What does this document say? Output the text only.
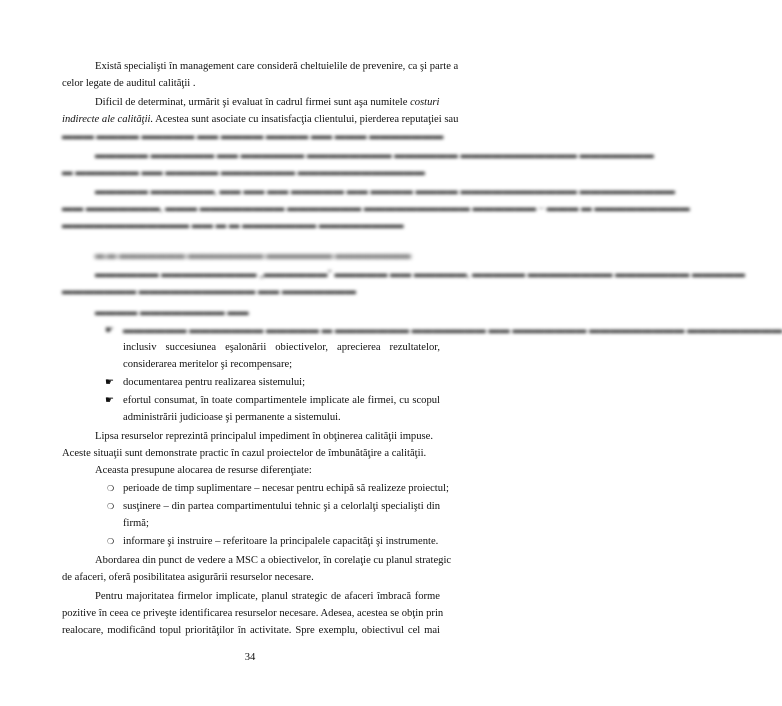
Există specialişti în management care consideră cheltuielile de prevenire, ca şi parte a
celor legate de auditul calităţii .
Dificil de determinat, urmărit şi evaluat în cadrul firmei sunt aşa numitele costuri
indirecte ale calităţii. Acestea sunt asociate cu insatisfacţia clientului, pierderea reputaţiei sau
▬▬▬ ▬▬▬▬ ▬▬▬▬▬ ▬▬ ▬▬▬▬ ▬▬▬▬ ▬▬ ▬▬▬ ▬▬▬▬▬▬▬
▬▬▬▬▬ ▬▬▬▬▬▬ ▬▬ ▬▬▬▬▬▬ ▬▬▬▬▬▬▬▬ ▬▬▬▬▬▬ ▬▬▬▬▬▬▬▬▬▬▬ ▬▬▬▬▬▬▬
▬ ▬▬▬▬▬▬ ▬▬ ▬▬▬▬▬ ▬▬▬▬▬▬▬ ▬▬▬▬▬▬▬▬▬▬▬▬
▬▬▬▬▬ ▬▬▬▬▬▬, ▬▬ ▬▬ ▬▬ ▬▬▬▬▬ ▬▬ ▬▬▬▬ ▬▬▬▬ ▬▬▬▬▬▬▬▬▬▬▬ ▬▬▬▬▬▬▬▬▬
▬▬ ▬▬▬▬▬▬▬, ▬▬▬ ▬▬▬▬▬▬▬▬ ▬▬▬▬▬▬▬ ▬▬▬▬▬▬▬▬▬▬ ▬▬▬▬▬▬ – ▬▬▬ ▬ ▬▬▬▬▬▬▬▬▬
▬▬▬▬▬▬▬▬▬▬▬▬ ▬▬ ▬ ▬ ▬▬▬▬▬▬▬ ▬▬▬▬▬▬▬▬
▬.▬ ▬▬▬▬▬▬▬ ▬▬▬▬▬▬▬▬ ▬▬▬▬▬▬▬ ▬▬▬▬▬▬▬▬
▬▬▬▬▬▬ ▬▬▬▬▬▬▬▬▬ „▬▬▬▬▬▬" ▬▬▬▬▬ ▬▬ ▬▬▬▬▬, ▬▬▬▬▬ ▬▬▬▬▬▬▬▬ ▬▬▬▬▬▬▬ ▬▬▬▬▬
▬▬▬▬▬▬▬ ▬▬▬▬▬▬▬▬▬▬▬ ▬▬ ▬▬▬▬▬▬▬
▬▬▬▬ ▬▬▬▬▬▬▬▬ ▬▬
☛ ▬▬▬▬▬▬ ▬▬▬▬▬▬▬ ▬▬▬▬▬ ▬ ▬▬▬▬▬▬▬ ▬▬▬▬▬▬▬ ▬▬ ▬▬▬▬▬▬▬ ▬▬▬▬▬▬▬▬▬ ▬▬▬▬▬▬▬▬▬
inclusiv succesiunea eşalonării obiectivelor, aprecierea rezultatelor,
considerarea meritelor şi recompensare;
☛ documentarea pentru realizarea sistemului;
☛ efortul consumat, în toate compartimentele implicate ale firmei, cu scopul
administrării judicioase şi permanente a sistemului.
Lipsa resurselor reprezintă principalul impediment în obţinerea calităţii impuse.
Aceste situaţii sunt demonstrate practic în cazul proiectelor de îmbunătăţire a calităţii.
Aceasta presupune alocarea de resurse diferenţiate:
❍ perioade de timp suplimentare – necesar pentru echipă să realizeze proiectul;
❍ susţinere – din partea compartimentului tehnic şi a celorlalţi specialişti din
firmă;
❍ informare şi instruire – referitoare la principalele capacităţi şi instrumente.
Abordarea din punct de vedere a MSC a obiectivelor, în corelaţie cu planul strategic
de afaceri, oferă posibilitatea asigurării resurselor necesare.
Pentru majoritatea firmelor implicate, planul strategic de afaceri îmbracă forme
pozitive în ceea ce priveşte identificarea resurselor necesare. Adesea, acestea se obţin prin
realocare, modificând topul priorităţilor în activitate. Spre exemplu, obiectivul cel mai
34
